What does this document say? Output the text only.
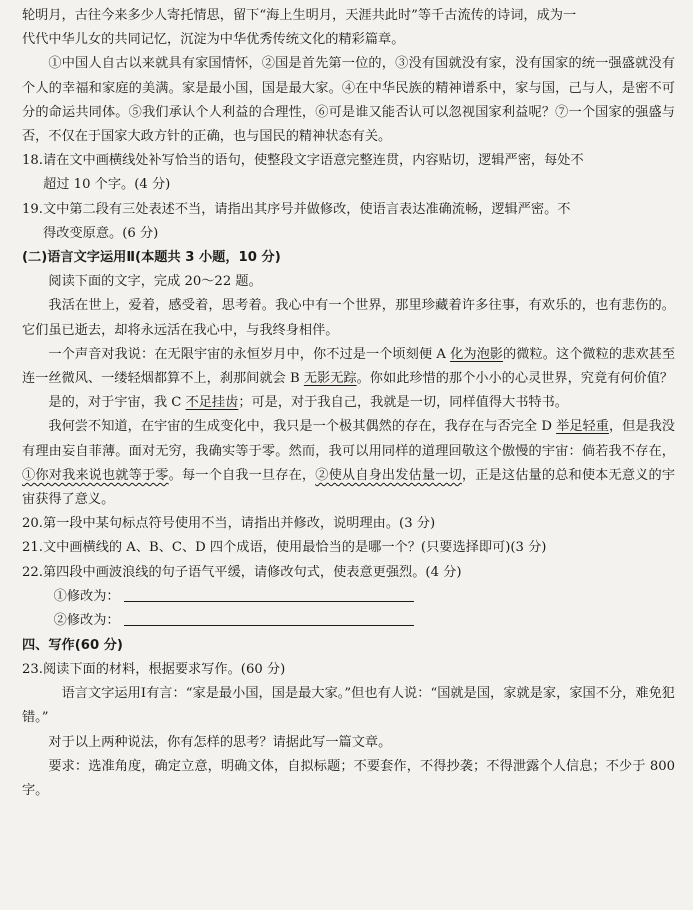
轮明月，古往今来多少人寄托情思，留下“海上生明月，天涯共此时”等千古流传的诗词，成为一

代代中华儿女的共同记忆，沉淀为中华优秀传统文化的精彩篇章。

①中国人自古以来就具有家国情怀，②国是首先第一位的，③没有国就没有家，没有国家的统一强盛就没有个人的幸福和家庭的美满。家是最小国，国是最大家。④在中华民族的精神谱系中，家与国，己与人，是密不可分的命运共同体。⑤我们承认个人利益的合理性，⑥可是谁又能否认可以忽视国家利益呢？⑦一个国家的强盛与否，不仅在于国家大政方针的正确，也与国民的精神状态有关。

18.请在文中画横线处补写恰当的语句，使整段文字语意完整连贯，内容贴切，逻辑严密，每处不

超过 10 个字。(4 分)

19.文中第二段有三处表述不当，请指出其序号并做修改，使语言表达准确流畅，逻辑严密。不

得改变原意。(6 分)

(二)语言文字运用Ⅱ(本题共 3 小题，10 分)

阅读下面的文字，完成 20～22 题。

我活在世上，爱着，感受着，思考着。我心中有一个世界，那里珍藏着许多往事，有欢乐的，也有悲伤的。它们虽已逝去，却将永远活在我心中，与我终身相伴。

一个声音对我说：在无限宇宙的永恒岁月中，你不过是一个顷刻便 A 化为泡影的微粒。这个微粒的悲欢甚至连一丝微风、一缕轻烟都算不上，刹那间就会 B 无影无踪。你如此珍惜的那个小小的心灵世界，究竟有何价值？

是的，对于宇宙，我 C 不足挂齿；可是，对于我自己，我就是一切，同样值得大书特书。

我何尝不知道，在宇宙的生成变化中，我只是一个极其偶然的存在，我存在与否完全 D 举足轻重，但是我没有理由妄自菲薄。面对无穷，我确实等于零。然而，我可以用同样的道理回敬这个傲慢的宇宙：倘若我不存在，①你对我来说也就等于零。每一个自我一旦存在，②使从自身出发估量一切，正是这估量的总和使本无意义的宇宙获得了意义。

20.第一段中某句标点符号使用不当，请指出并修改，说明理由。(3 分)

21.文中画横线的 A、B、C、D 四个成语，使用最恰当的是哪一个？(只要选择即可)(3 分)

22.第四段中画波浪线的句子语气平缓，请修改句式，使表意更强烈。(4 分)

①修改为：

②修改为：

四、写作(60 分)

23.阅读下面的材料，根据要求写作。(60 分)

语言文字运用Ⅰ有言：“家是最小国，国是最大家。”但也有人说：“国就是国，家就是家，家国不分，难免犯错。”

对于以上两种说法，你有怎样的思考？请据此写一篇文章。

要求：选准角度，确定立意，明确文体，自拟标题；不要套作，不得抄袭；不得泄露个人信息；不少于 800 字。
